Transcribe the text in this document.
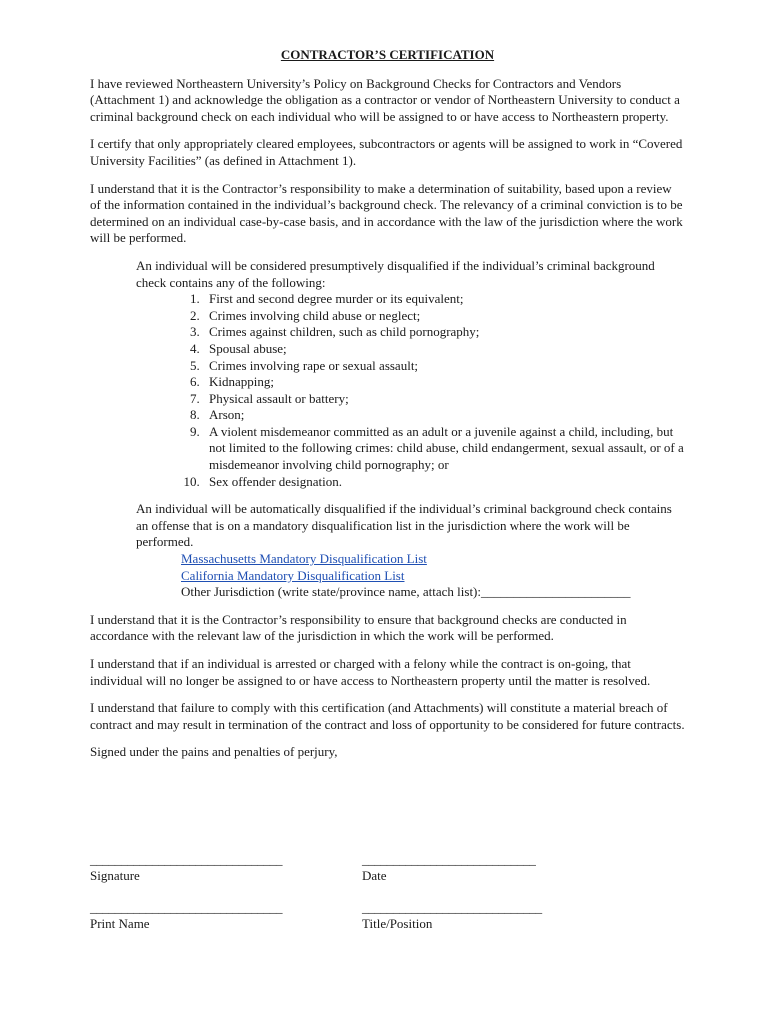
CONTRACTOR’S CERTIFICATION

I have reviewed Northeastern University’s Policy on Background Checks for Contractors and Vendors (Attachment 1) and acknowledge the obligation as a contractor or vendor of Northeastern University to conduct a criminal background check on each individual who will be assigned to or have access to Northeastern property.

I certify that only appropriately cleared employees, subcontractors or agents will be assigned to work in “Covered University Facilities” (as defined in Attachment 1).

I understand that it is the Contractor’s responsibility to make a determination of suitability, based upon a review of the information contained in the individual’s background check. The relevancy of a criminal conviction is to be determined on an individual case-by-case basis, and in accordance with the law of the jurisdiction where the work will be performed.

An individual will be considered presumptively disqualified if the individual’s criminal background check contains any of the following:
1. First and second degree murder or its equivalent;
2. Crimes involving child abuse or neglect;
3. Crimes against children, such as child pornography;
4. Spousal abuse;
5. Crimes involving rape or sexual assault;
6. Kidnapping;
7. Physical assault or battery;
8. Arson;
9. A violent misdemeanor committed as an adult or a juvenile against a child, including, but not limited to the following crimes: child abuse, child endangerment, sexual assault, or of a misdemeanor involving child pornography; or
10. Sex offender designation.
An individual will be automatically disqualified if the individual’s criminal background check contains an offense that is on a mandatory disqualification list in the jurisdiction where the work will be performed.
Massachusetts Mandatory Disqualification List
California Mandatory Disqualification List
Other Jurisdiction (write state/province name, attach list):_______________________

I understand that it is the Contractor’s responsibility to ensure that background checks are conducted in accordance with the relevant law of the jurisdiction in which the work will be performed.

I understand that if an individual is arrested or charged with a felony while the contract is on-going, that individual will no longer be assigned to or have access to Northeastern property until the matter is resolved.

I understand that failure to comply with this certification (and Attachments) will constitute a material breach of contract and may result in termination of the contract and loss of opportunity to be considered for future contracts.

Signed under the pains and penalties of perjury,

_______________________________
Signature
____________________________
Date
_______________________________
Print Name
_____________________________
Title/Position
